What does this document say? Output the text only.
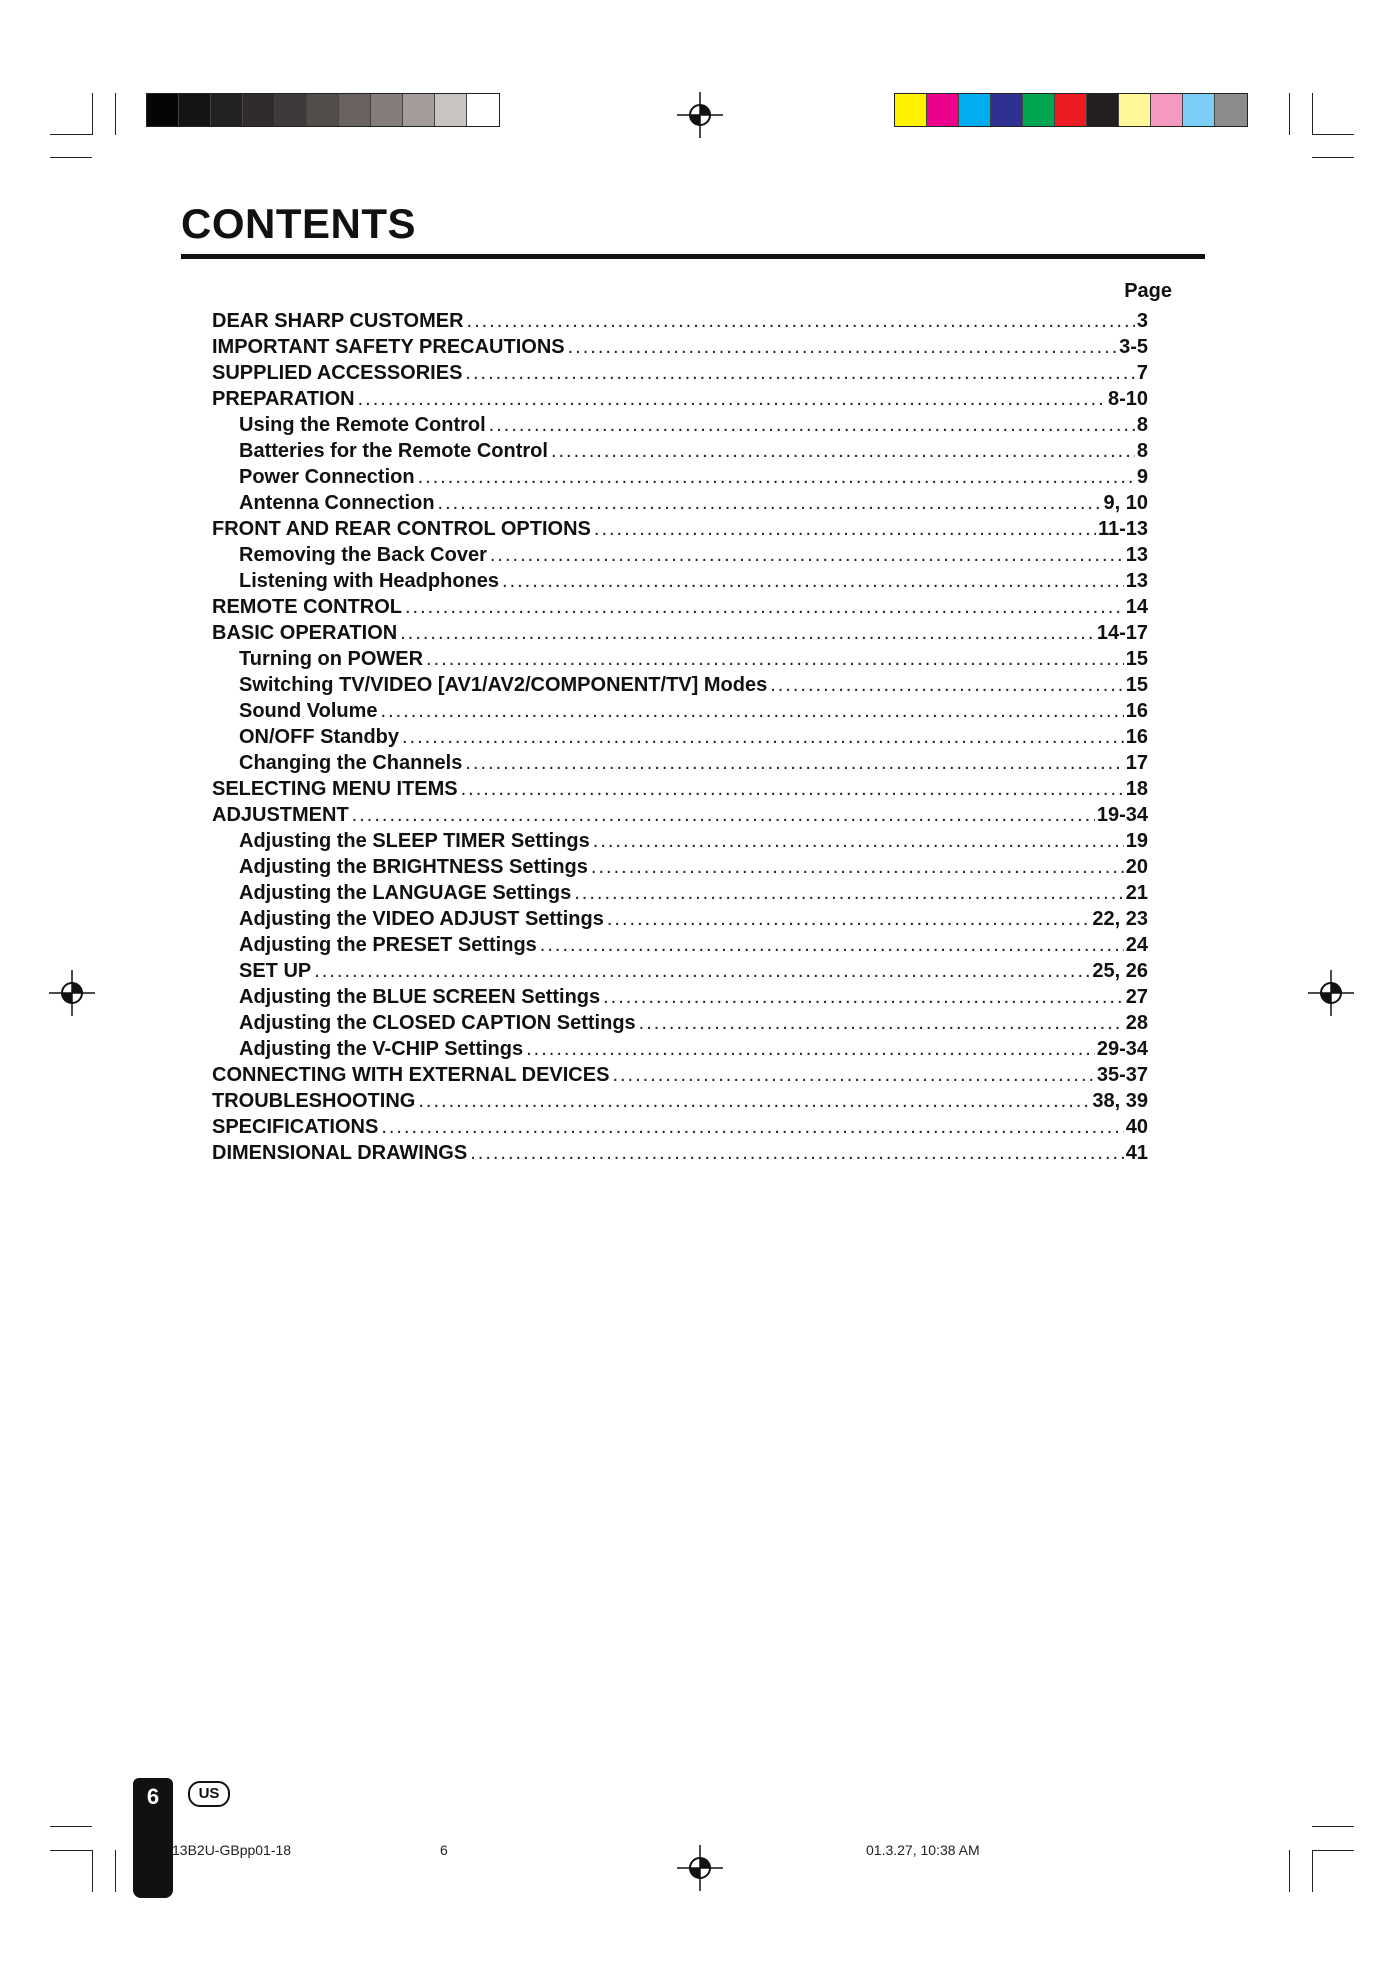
CONTENTS
Page
DEAR SHARP CUSTOMER .....	3
IMPORTANT SAFETY PRECAUTIONS .....	3-5
SUPPLIED ACCESSORIES .....	7
PREPARATION .....	8-10
Using the Remote Control .....	8
Batteries for the Remote Control .....	8
Power Connection .....	9
Antenna Connection .....	9, 10
FRONT AND REAR CONTROL OPTIONS .....	11-13
Removing the Back Cover .....	13
Listening with Headphones .....	13
REMOTE CONTROL .....	14
BASIC OPERATION .....	14-17
Turning on POWER .....	15
Switching TV/VIDEO [AV1/AV2/COMPONENT/TV] Modes .....	15
Sound Volume .....	16
ON/OFF Standby .....	16
Changing the Channels .....	17
SELECTING MENU ITEMS .....	18
ADJUSTMENT .....	19-34
Adjusting the SLEEP TIMER Settings .....	19
Adjusting the BRIGHTNESS Settings .....	20
Adjusting the LANGUAGE Settings .....	21
Adjusting the VIDEO ADJUST Settings .....	22, 23
Adjusting the PRESET Settings .....	24
SET UP .....	25, 26
Adjusting the BLUE SCREEN Settings .....	27
Adjusting the CLOSED CAPTION Settings .....	28
Adjusting the V-CHIP Settings .....	29-34
CONNECTING WITH EXTERNAL DEVICES .....	35-37
TROUBLESHOOTING .....	38, 39
SPECIFICATIONS .....	40
DIMENSIONAL DRAWINGS .....	41
6	US
13B2U-GBpp01-18	6	01.3.27, 10:38 AM
